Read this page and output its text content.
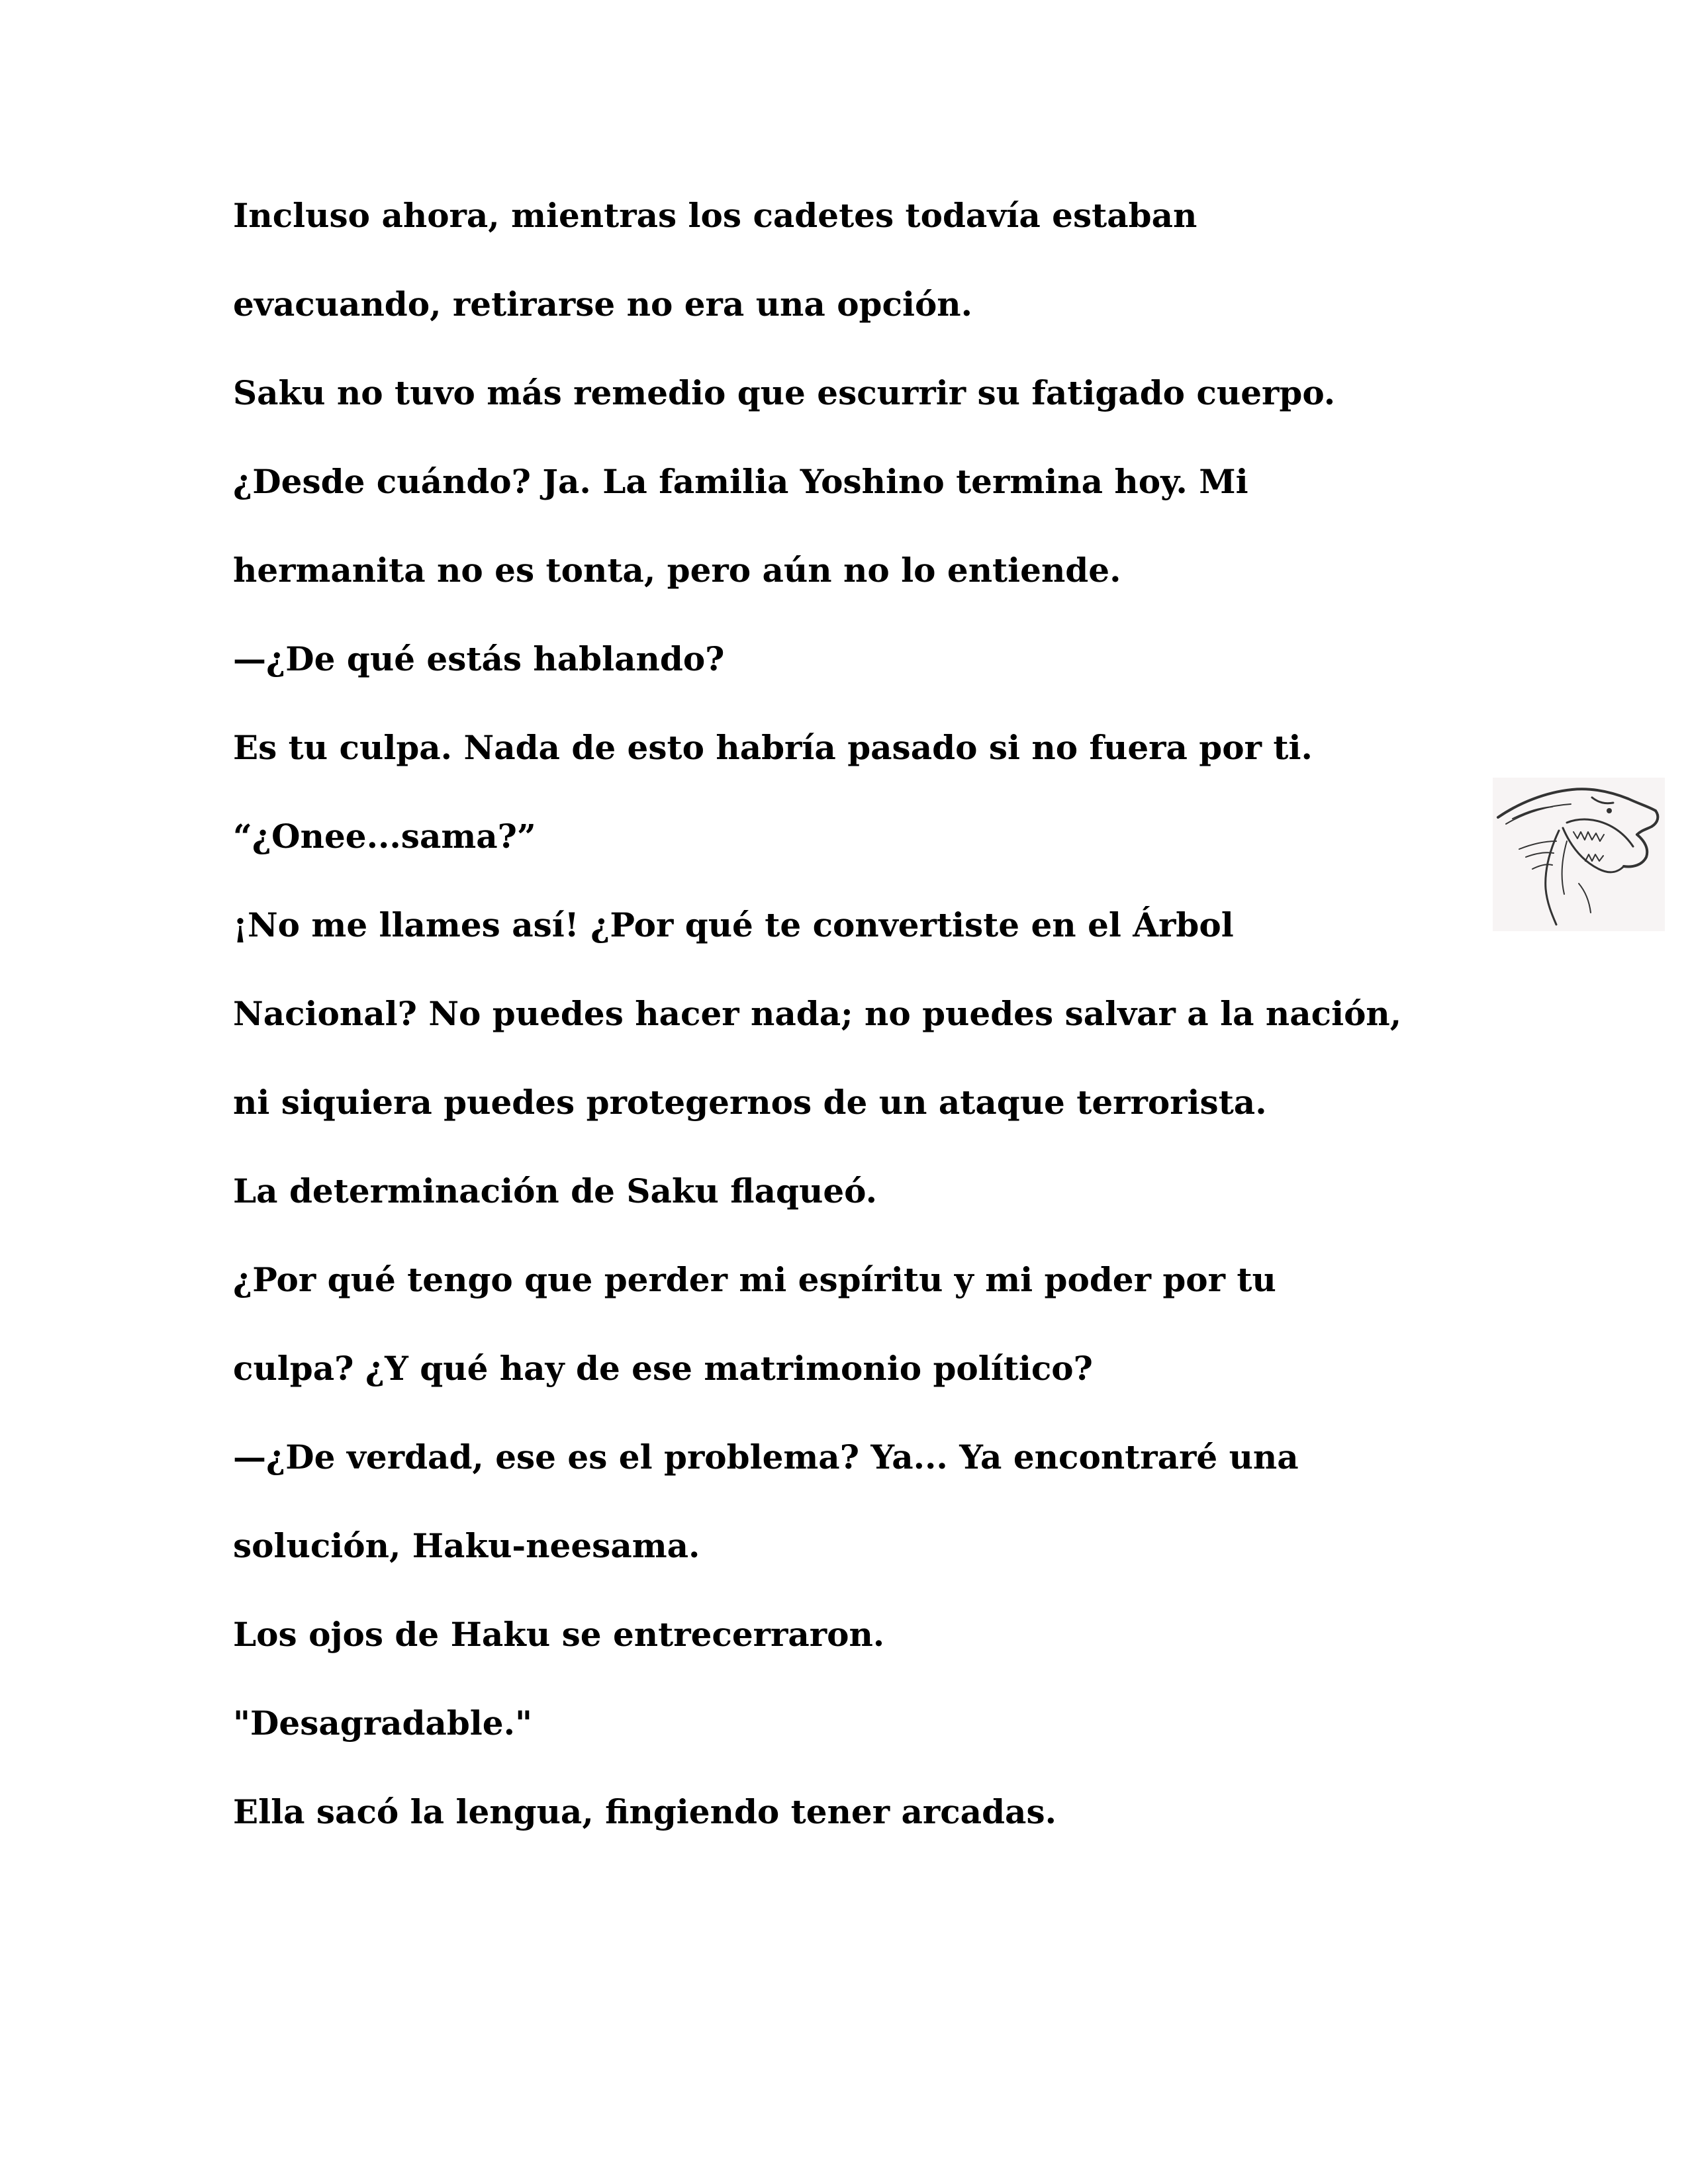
Incluso ahora, mientras los cadetes todavía estaban
evacuando, retirarse no era una opción.
Saku no tuvo más remedio que escurrir su fatigado cuerpo.
¿Desde cuándo? Ja. La familia Yoshino termina hoy. Mi
hermanita no es tonta, pero aún no lo entiende.
—¿De qué estás hablando?
Es tu culpa. Nada de esto habría pasado si no fuera por ti.
“¿Onee...sama?”
¡No me llames así! ¿Por qué te convertiste en el Árbol
Nacional? No puedes hacer nada; no puedes salvar a la nación,
ni siquiera puedes protegernos de un ataque terrorista.
La determinación de Saku flaqueó.
¿Por qué tengo que perder mi espíritu y mi poder por tu
culpa? ¿Y qué hay de ese matrimonio político?
—¿De verdad, ese es el problema? Ya... Ya encontraré una
solución, Haku-neesama.
Los ojos de Haku se entrecerraron.
"Desagradable."
Ella sacó la lengua, fingiendo tener arcadas.
